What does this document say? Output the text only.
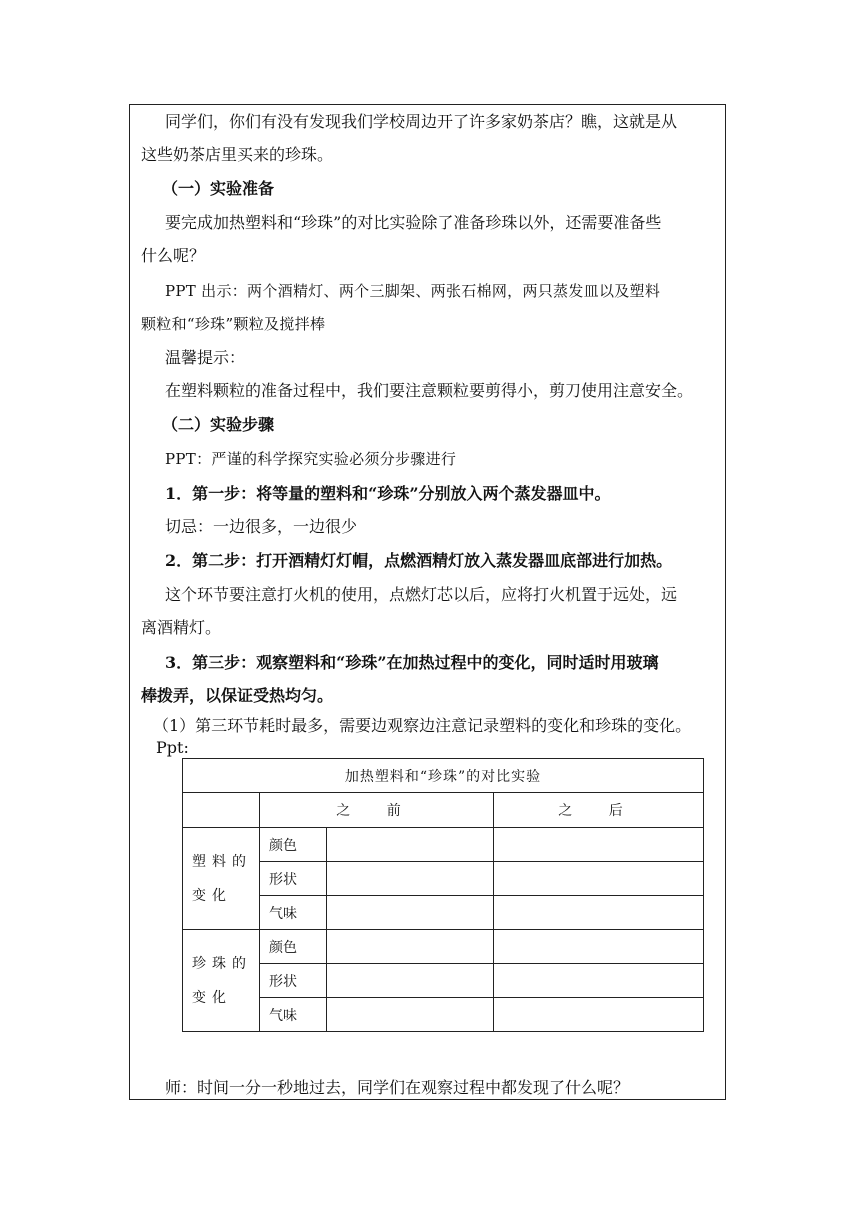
同学们，你们有没有发现我们学校周边开了许多家奶茶店？瞧，这就是从
这些奶茶店里买来的珍珠。
（一）实验准备
要完成加热塑料和“珍珠”的对比实验除了准备珍珠以外，还需要准备些
什么呢？
PPT 出示：两个酒精灯、两个三脚架、两张石棉网，两只蒸发皿以及塑料
颗粒和“珍珠”颗粒及搅拌棒
温馨提示：
在塑料颗粒的准备过程中，我们要注意颗粒要剪得小，剪刀使用注意安全。
（二）实验步骤
PPT：严谨的科学探究实验必须分步骤进行
1．第一步：将等量的塑料和“珍珠”分别放入两个蒸发器皿中。
切忌：一边很多，一边很少
2．第二步：打开酒精灯灯帽，点燃酒精灯放入蒸发器皿底部进行加热。
这个环节要注意打火机的使用，点燃灯芯以后，应将打火机置于远处，远
离酒精灯。
3．第三步：观察塑料和“珍珠”在加热过程中的变化，同时适时用玻璃
棒拨弄，以保证受热均匀。
（1）第三环节耗时最多，需要边观察边注意记录塑料的变化和珍珠的变化。
Ppt:
加热塑料和“珍珠”的对比实验			
	之 前		之 后

塑料的
变化	颜色		
	形状		
	气味		

珍珠的
变化	颜色		
	形状		
	气味		
师：时间一分一秒地过去，同学们在观察过程中都发现了什么呢？
